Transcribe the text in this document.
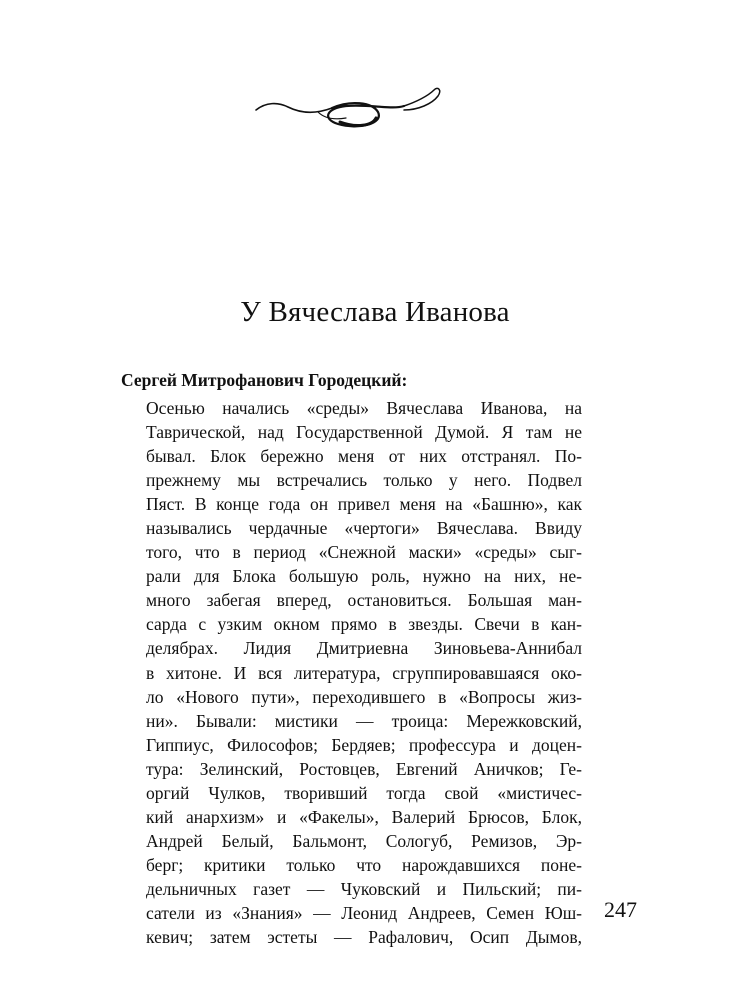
У Вячеслава Иванова

Сергей Митрофанович Городецкий:

Осенью начались «среды» Вячеслава Иванова, на
Таврической, над Государственной Думой. Я там не
бывал. Блок бережно меня от них отстранял. По-
прежнему мы встречались только у него. Подвел
Пяст. В конце года он привел меня на «Башню», как
назывались чердачные «чертоги» Вячеслава. Ввиду
того, что в период «Снежной маски» «среды» сыг-
рали для Блока большую роль, нужно на них, не-
много забегая вперед, остановиться. Большая ман-
сарда с узким окном прямо в звезды. Свечи в кан-
делябрах. Лидия Дмитриевна Зиновьева-Аннибал
в хитоне. И вся литература, сгруппировавшаяся око-
ло «Нового пути», переходившего в «Вопросы жиз-
ни». Бывали: мистики — троица: Мережковский,
Гиппиус, Философов; Бердяев; профессура и доцен-
тура: Зелинский, Ростовцев, Евгений Аничков; Ге-
оргий Чулков, творивший тогда свой «мистичес-
кий анархизм» и «Факелы», Валерий Брюсов, Блок,
Андрей Белый, Бальмонт, Сологуб, Ремизов, Эр-
берг; критики только что нарождавшихся поне-
дельничных газет — Чуковский и Пильский; пи-
сатели из «Знания» — Леонид Андреев, Семен Юш-
кевич; затем эстеты — Рафалович, Осип Дымов,

247
